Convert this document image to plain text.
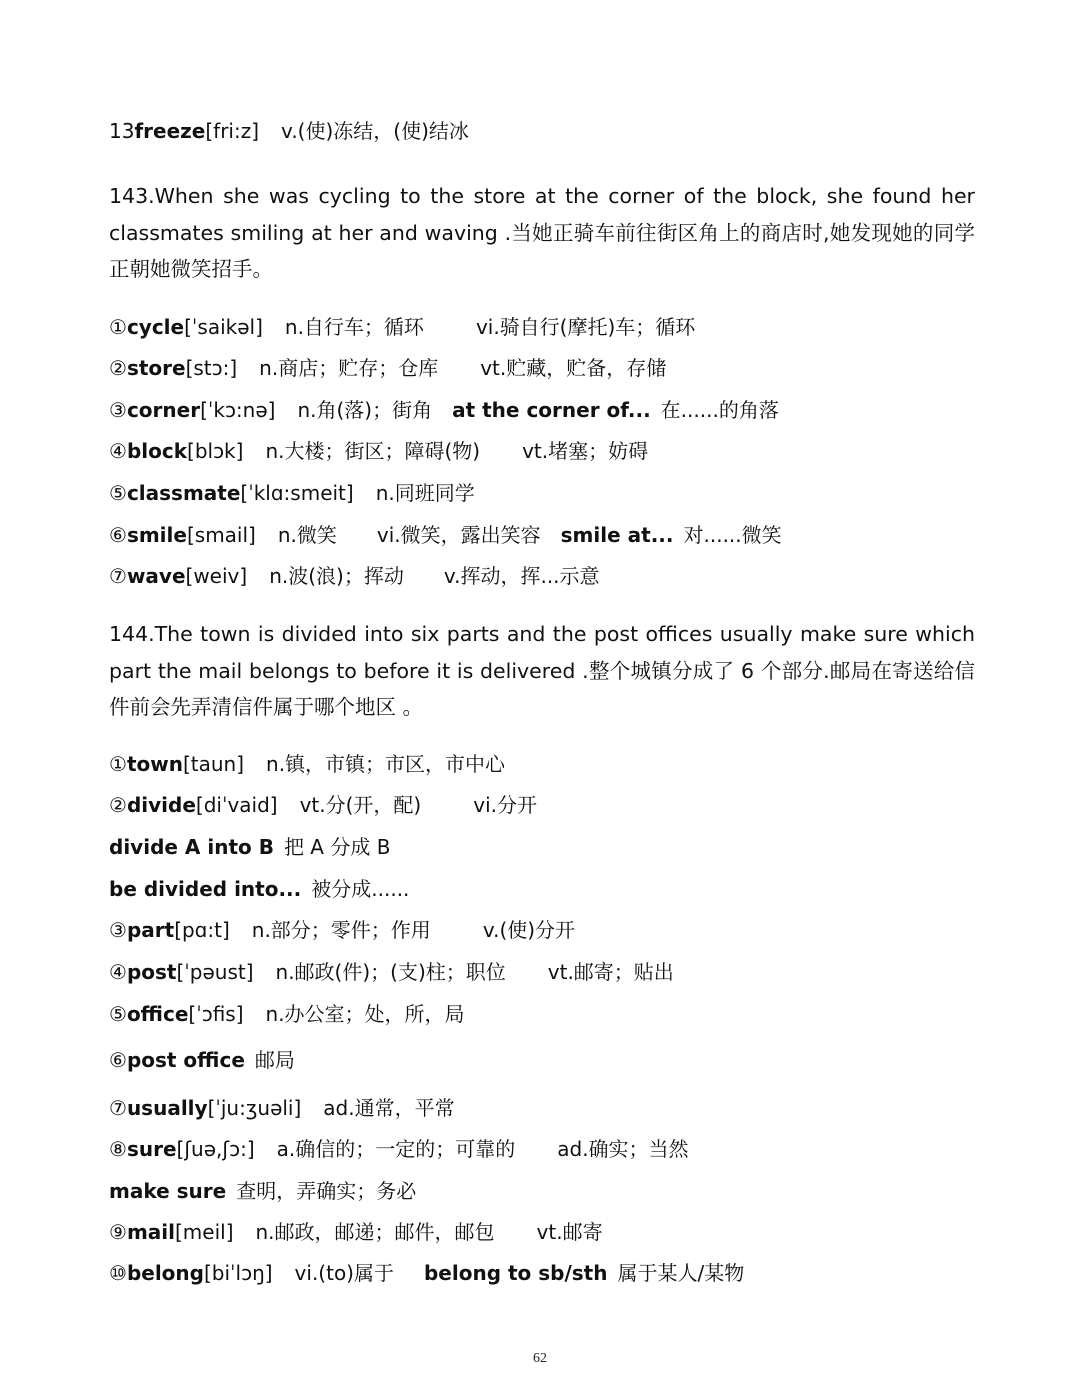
13freeze[fri:z] v.(使)冻结，(使)结冰
143.When she was cycling to the store at the corner of the block, she found her classmates smiling at her and waving .当她正骑车前往街区角上的商店时,她发现她的同学正朝她微笑招手。
①cycle[ˈsaikəl] n.自行车；循环	vi.骑自行(摩托)车；循环
②store[stɔ:] n.商店；贮存；仓库 vt.贮藏，贮备，存储
③corner[ˈkɔ:nə] n.角(落)；街角 at the corner of... 在......的角落
④block[blɔk] n.大楼；街区；障碍(物) vt.堵塞；妨碍
⑤classmate[ˈklɑ:smeit] n.同班同学
⑥smile[smail] n.微笑 vi.微笑，露出笑容 smile at... 对......微笑
⑦wave[weiv] n.波(浪)；挥动 v.挥动，挥...示意
144.The town is divided into six parts and the post offices usually make sure which part the mail belongs to before it is delivered .整个城镇分成了 6 个部分.邮局在寄送给信件前会先弄清信件属于哪个地区 。
①town[taun] n.镇，市镇；市区，市中心
②divide[diˈvaid] vt.分(开，配)	vi.分开
divide A into B 把 A 分成 B
be divided into... 被分成......
③part[pɑ:t] n.部分；零件；作用	v.(使)分开
④post[ˈpəust] n.邮政(件)；(支)柱；职位 vt.邮寄；贴出
⑤office[ˈɔfis] n.办公室；处，所，局
⑥post office 邮局
⑦usually[ˈju:ʒuəli] ad.通常，平常
⑧sure[ʃuə,ʃɔ:] a.确信的；一定的；可靠的 ad.确实；当然
make sure 查明，弄确实；务必
⑨mail[meil] n.邮政，邮递；邮件，邮包 vt.邮寄
⑩belong[biˈlɔŋ] vi.(to)属于 belong to sb/sth 属于某人/某物
62
